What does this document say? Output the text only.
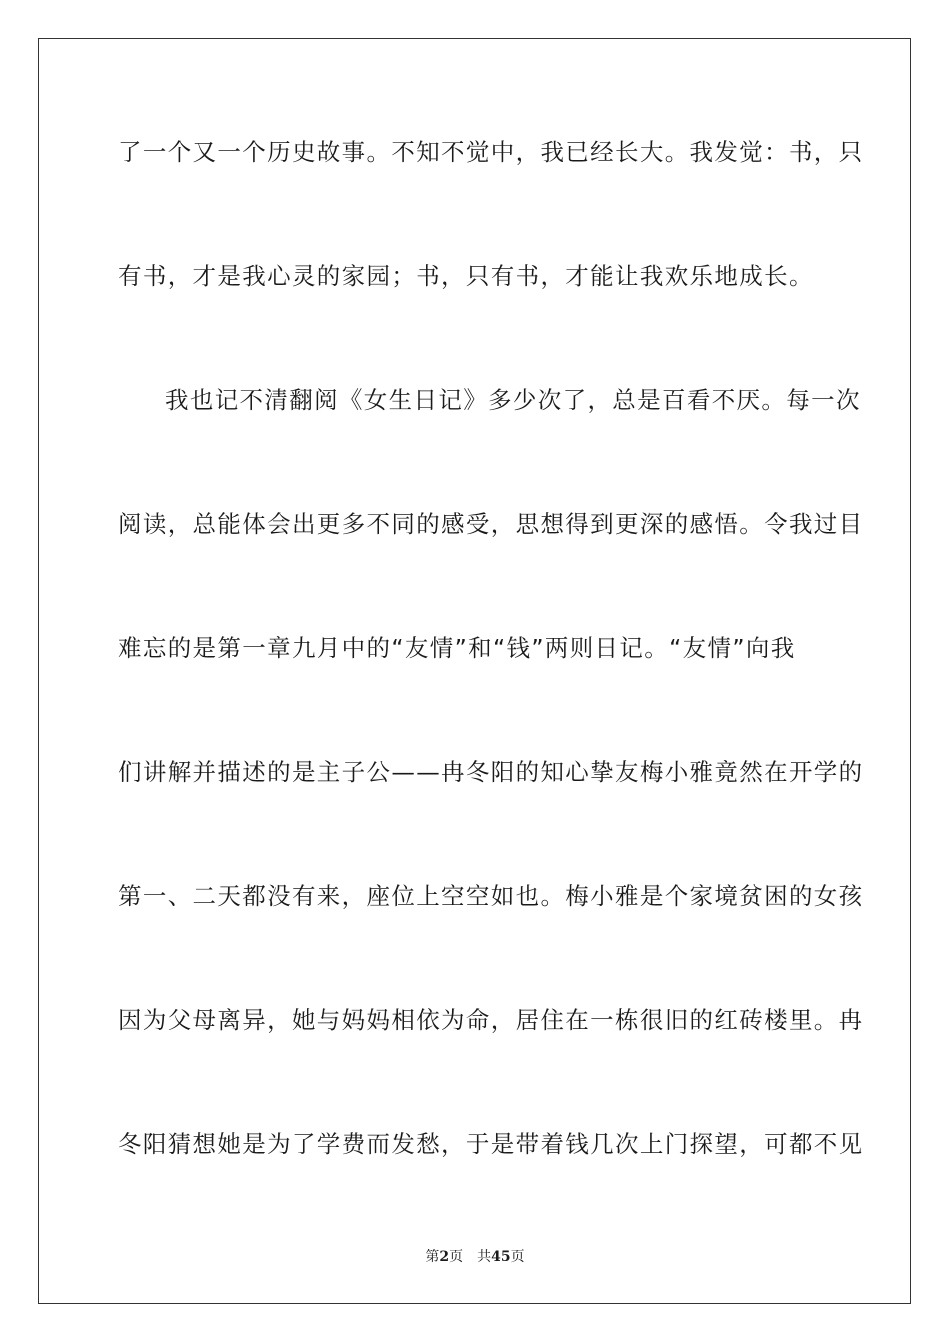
了一个又一个历史故事。不知不觉中，我已经长大。我发觉：书，只
有书，才是我心灵的家园；书，只有书，才能让我欢乐地成长。
我也记不清翻阅《女生日记》多少次了，总是百看不厌。每一次
阅读，总能体会出更多不同的感受，思想得到更深的感悟。令我过目
难忘的是第一章九月中的“友情”和“钱”两则日记。“友情”向我
们讲解并描述的是主子公——冉冬阳的知心挚友梅小雅竟然在开学的
第一、二天都没有来，座位上空空如也。梅小雅是个家境贫困的女孩
因为父母离异，她与妈妈相依为命，居住在一栋很旧的红砖楼里。冉
冬阳猜想她是为了学费而发愁，于是带着钱几次上门探望，可都不见
第2页 共45页
